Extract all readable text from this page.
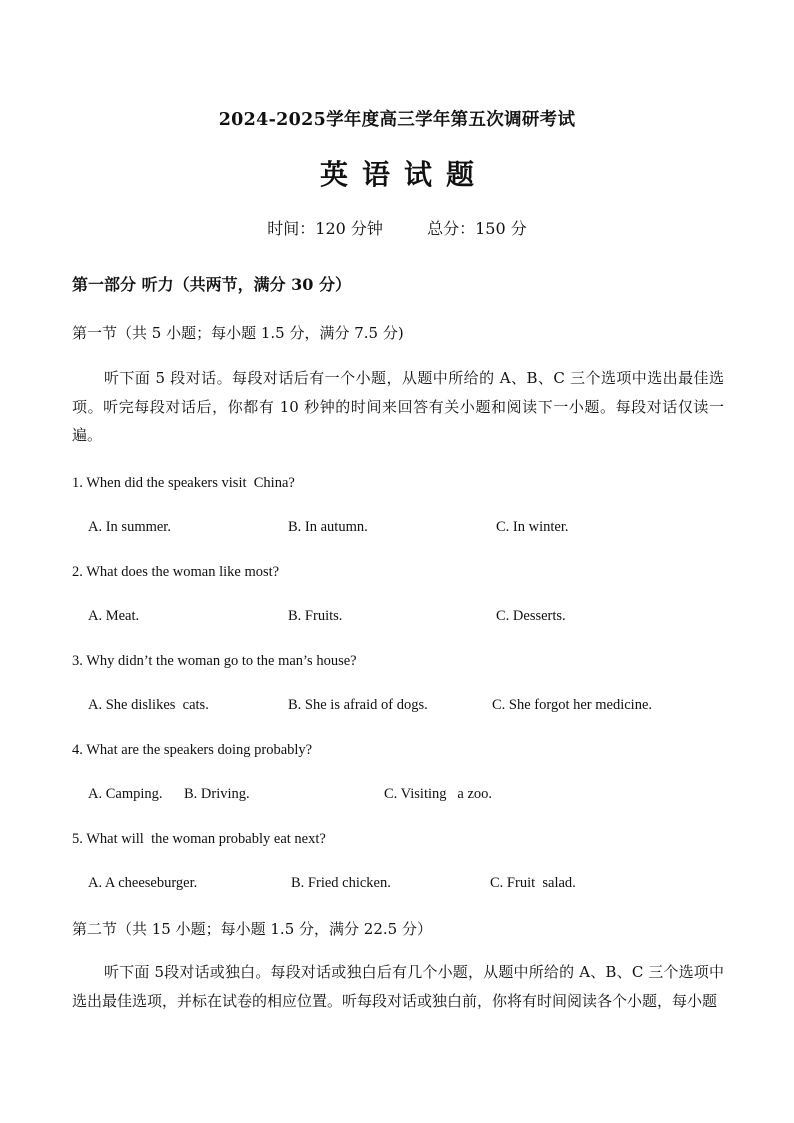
2024-2025学年度高三学年第五次调研考试
英语试题
时间：120 分钟	总分：150 分
第一部分 听力（共两节，满分 30 分）
第一节（共 5 小题；每小题 1.5 分，满分 7.5 分)

听下面 5 段对话。每段对话后有一个小题，从题中所给的 A、B、C 三个选项中选出最佳选项。听完每段对话后，你都有 10 秒钟的时间来回答有关小题和阅读下一小题。每段对话仅读一遍。

1. When did the speakers visit  China?
A. In summer.	B. In autumn.	C. In winter.
2. What does the woman like most?
A. Meat.	B. Fruits.	C. Desserts.
3. Why didn’t the woman go to the man’s house?
A. She dislikes  cats.	B. She is afraid of dogs.	C. She forgot her medicine.
4. What are the speakers doing probably?
A. Camping. B. Driving.	C. Visiting   a zoo.
5. What will  the woman probably eat next?
A. A cheeseburger.	B. Fried chicken.	C. Fruit  salad.
第二节（共 15 小题；每小题 1.5 分，满分 22.5 分）

听下面 5段对话或独白。每段对话或独白后有几个小题，从题中所给的 A、B、C 三个选项中选出最佳选项，并标在试卷的相应位置。听每段对话或独白前，你将有时间阅读各个小题，每小题
